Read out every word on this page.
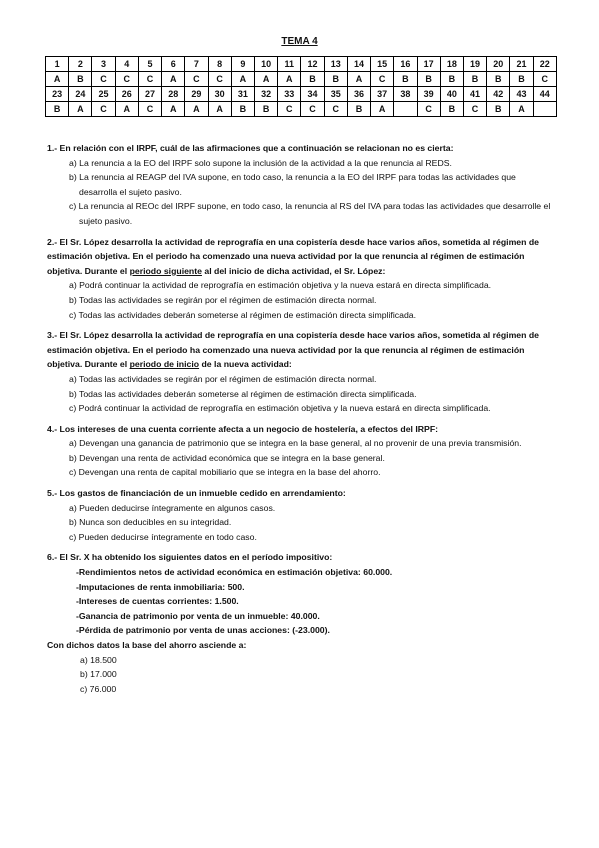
TEMA 4
1	2	3	4	5	6	7	8	9	10	11	12	13	14	15	16	17	18	19	20	21	22
A	B	C	C	C	A	C	C	A	A	A	B	B	A	C	B	B	B	B	B	B	C
23	24	25	26	27	28	29	30	31	32	33	34	35	36	37	38	39	40	41	42	43	44
B	A	C	A	C	A	A	A	B	B	C	C	C	B	A		C	B	C	B	A	

1.- En relación con el IRPF, cuál de las afirmaciones que a continuación se relacionan no es cierta:

a) La renuncia a la EO del IRPF solo supone la inclusión de la actividad a la que renuncia al REDS.

b) La renuncia al REAGP del IVA supone, en todo caso, la renuncia a la EO del IRPF para todas las actividades que desarrolla el sujeto pasivo.

c) La renuncia al REOc del IRPF supone, en todo caso, la renuncia al RS del IVA para todas las actividades que desarrolle el sujeto pasivo.

2.- El Sr. López desarrolla la actividad de reprografía en una copistería desde hace varios años, sometida al régimen de estimación objetiva. En el periodo ha comenzado una nueva actividad por la que renuncia al régimen de estimación objetiva. Durante el periodo siguiente al del inicio de dicha actividad, el Sr. López:

a) Podrá continuar la actividad de reprografía en estimación objetiva y la nueva estará en directa simplificada.

b) Todas las actividades se regirán por el régimen de estimación directa normal.

c) Todas las actividades deberán someterse al régimen de estimación directa simplificada.

3.- El Sr. López desarrolla la actividad de reprografía en una copistería desde hace varios años, sometida al régimen de estimación objetiva. En el periodo ha comenzado una nueva actividad por la que renuncia al régimen de estimación objetiva. Durante el periodo de inicio de la nueva actividad:

a) Todas las actividades se regirán por el régimen de estimación directa normal.

b) Todas las actividades deberán someterse al régimen de estimación directa simplificada.

c) Podrá continuar la actividad de reprografía en estimación objetiva y la nueva estará en directa simplificada.

4.- Los intereses de una cuenta corriente afecta a un negocio de hostelería, a efectos del IRPF:

a) Devengan una ganancia de patrimonio que se integra en la base general, al no provenir de una previa transmisión.

b) Devengan una renta de actividad económica que se integra en la base general.

c) Devengan una renta de capital mobiliario que se integra en la base del ahorro.

5.- Los gastos de financiación de un inmueble cedido en arrendamiento:

a) Pueden deducirse íntegramente en algunos casos.

b) Nunca son deducibles en su integridad.

c) Pueden deducirse íntegramente en todo caso.

6.- El Sr. X ha obtenido los siguientes datos en el período impositivo:

-Rendimientos netos de actividad económica en estimación objetiva: 60.000.

-Imputaciones de renta inmobiliaria: 500.

-Intereses de cuentas corrientes: 1.500.

-Ganancia de patrimonio por venta de un inmueble: 40.000.

-Pérdida de patrimonio por venta de unas acciones: (-23.000).

Con dichos datos la base del ahorro asciende a:

a) 18.500

b) 17.000

c) 76.000
